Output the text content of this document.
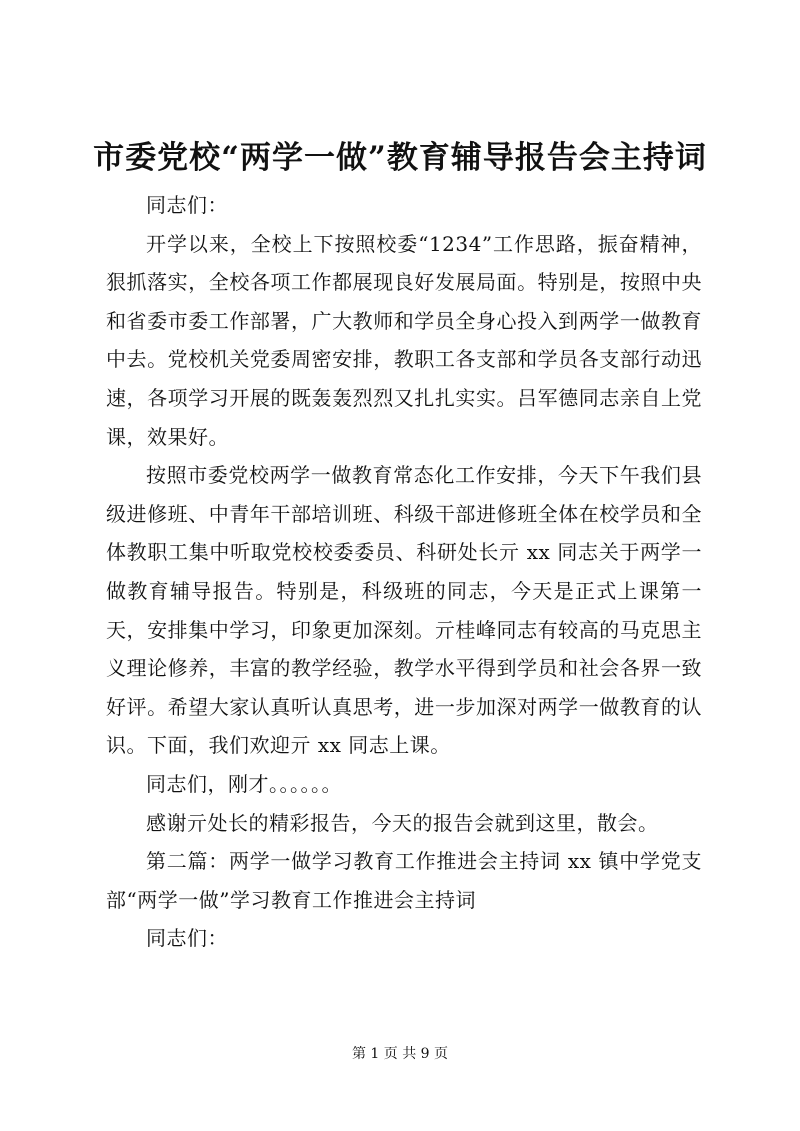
市委党校“两学一做”教育辅导报告会主持词

同志们：

开学以来，全校上下按照校委“1234”工作思路，振奋精神，狠抓落实，全校各项工作都展现良好发展局面。特别是，按照中央和省委市委工作部署，广大教师和学员全身心投入到两学一做教育中去。党校机关党委周密安排，教职工各支部和学员各支部行动迅速，各项学习开展的既轰轰烈烈又扎扎实实。吕军德同志亲自上党课，效果好。

按照市委党校两学一做教育常态化工作安排，今天下午我们县级进修班、中青年干部培训班、科级干部进修班全体在校学员和全体教职工集中听取党校校委委员、科研处长亓 xx 同志关于两学一做教育辅导报告。特别是，科级班的同志，今天是正式上课第一天，安排集中学习，印象更加深刻。亓桂峰同志有较高的马克思主义理论修养，丰富的教学经验，教学水平得到学员和社会各界一致好评。希望大家认真听认真思考，进一步加深对两学一做教育的认识。下面，我们欢迎亓 xx 同志上课。

同志们，刚才。。。。。。

感谢亓处长的精彩报告，今天的报告会就到这里，散会。

第二篇：两学一做学习教育工作推进会主持词 xx 镇中学党支部“两学一做”学习教育工作推进会主持词

同志们：

第 1 页 共 9 页
